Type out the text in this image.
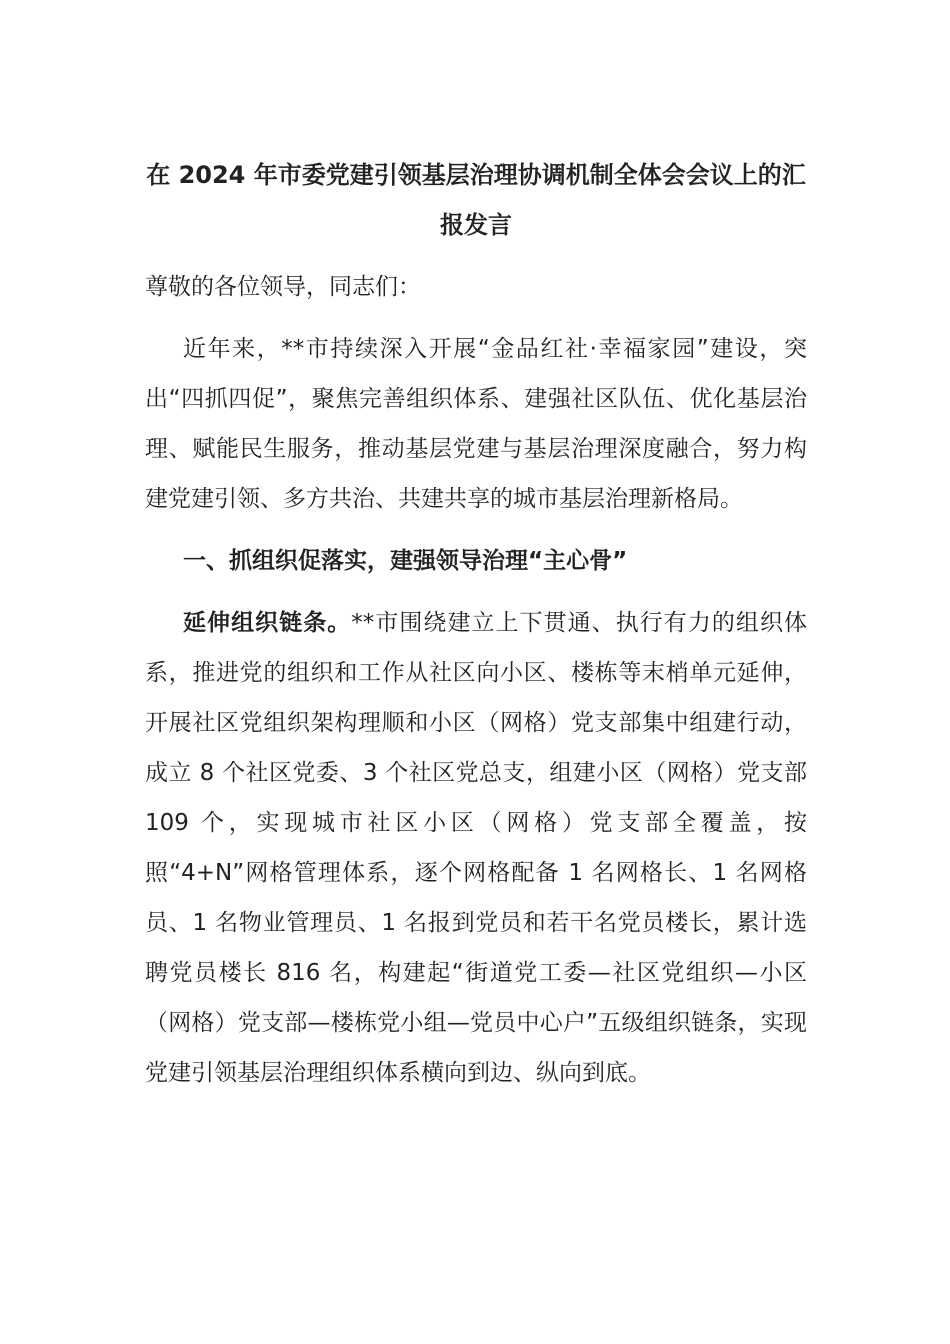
在 2024 年市委党建引领基层治理协调机制全体会会议上的汇报发言

尊敬的各位领导，同志们：

近年来，**市持续深入开展“金品红社·幸福家园”建设，突出“四抓四促”，聚焦完善组织体系、建强社区队伍、优化基层治理、赋能民生服务，推动基层党建与基层治理深度融合，努力构建党建引领、多方共治、共建共享的城市基层治理新格局。

一、抓组织促落实，建强领导治理“主心骨”

延伸组织链条。**市围绕建立上下贯通、执行有力的组织体系，推进党的组织和工作从社区向小区、楼栋等末梢单元延伸，开展社区党组织架构理顺和小区（网格）党支部集中组建行动，成立 8 个社区党委、3 个社区党总支，组建小区（网格）党支部 109 个，实现城市社区小区（网格）党支部全覆盖，按照“4+N”网格管理体系，逐个网格配备 1 名网格长、1 名网格员、1 名物业管理员、1 名报到党员和若干名党员楼长，累计选聘党员楼长 816 名，构建起“街道党工委—社区党组织—小区（网格）党支部—楼栋党小组—党员中心户”五级组织链条，实现党建引领基层治理组织体系横向到边、纵向到底。
